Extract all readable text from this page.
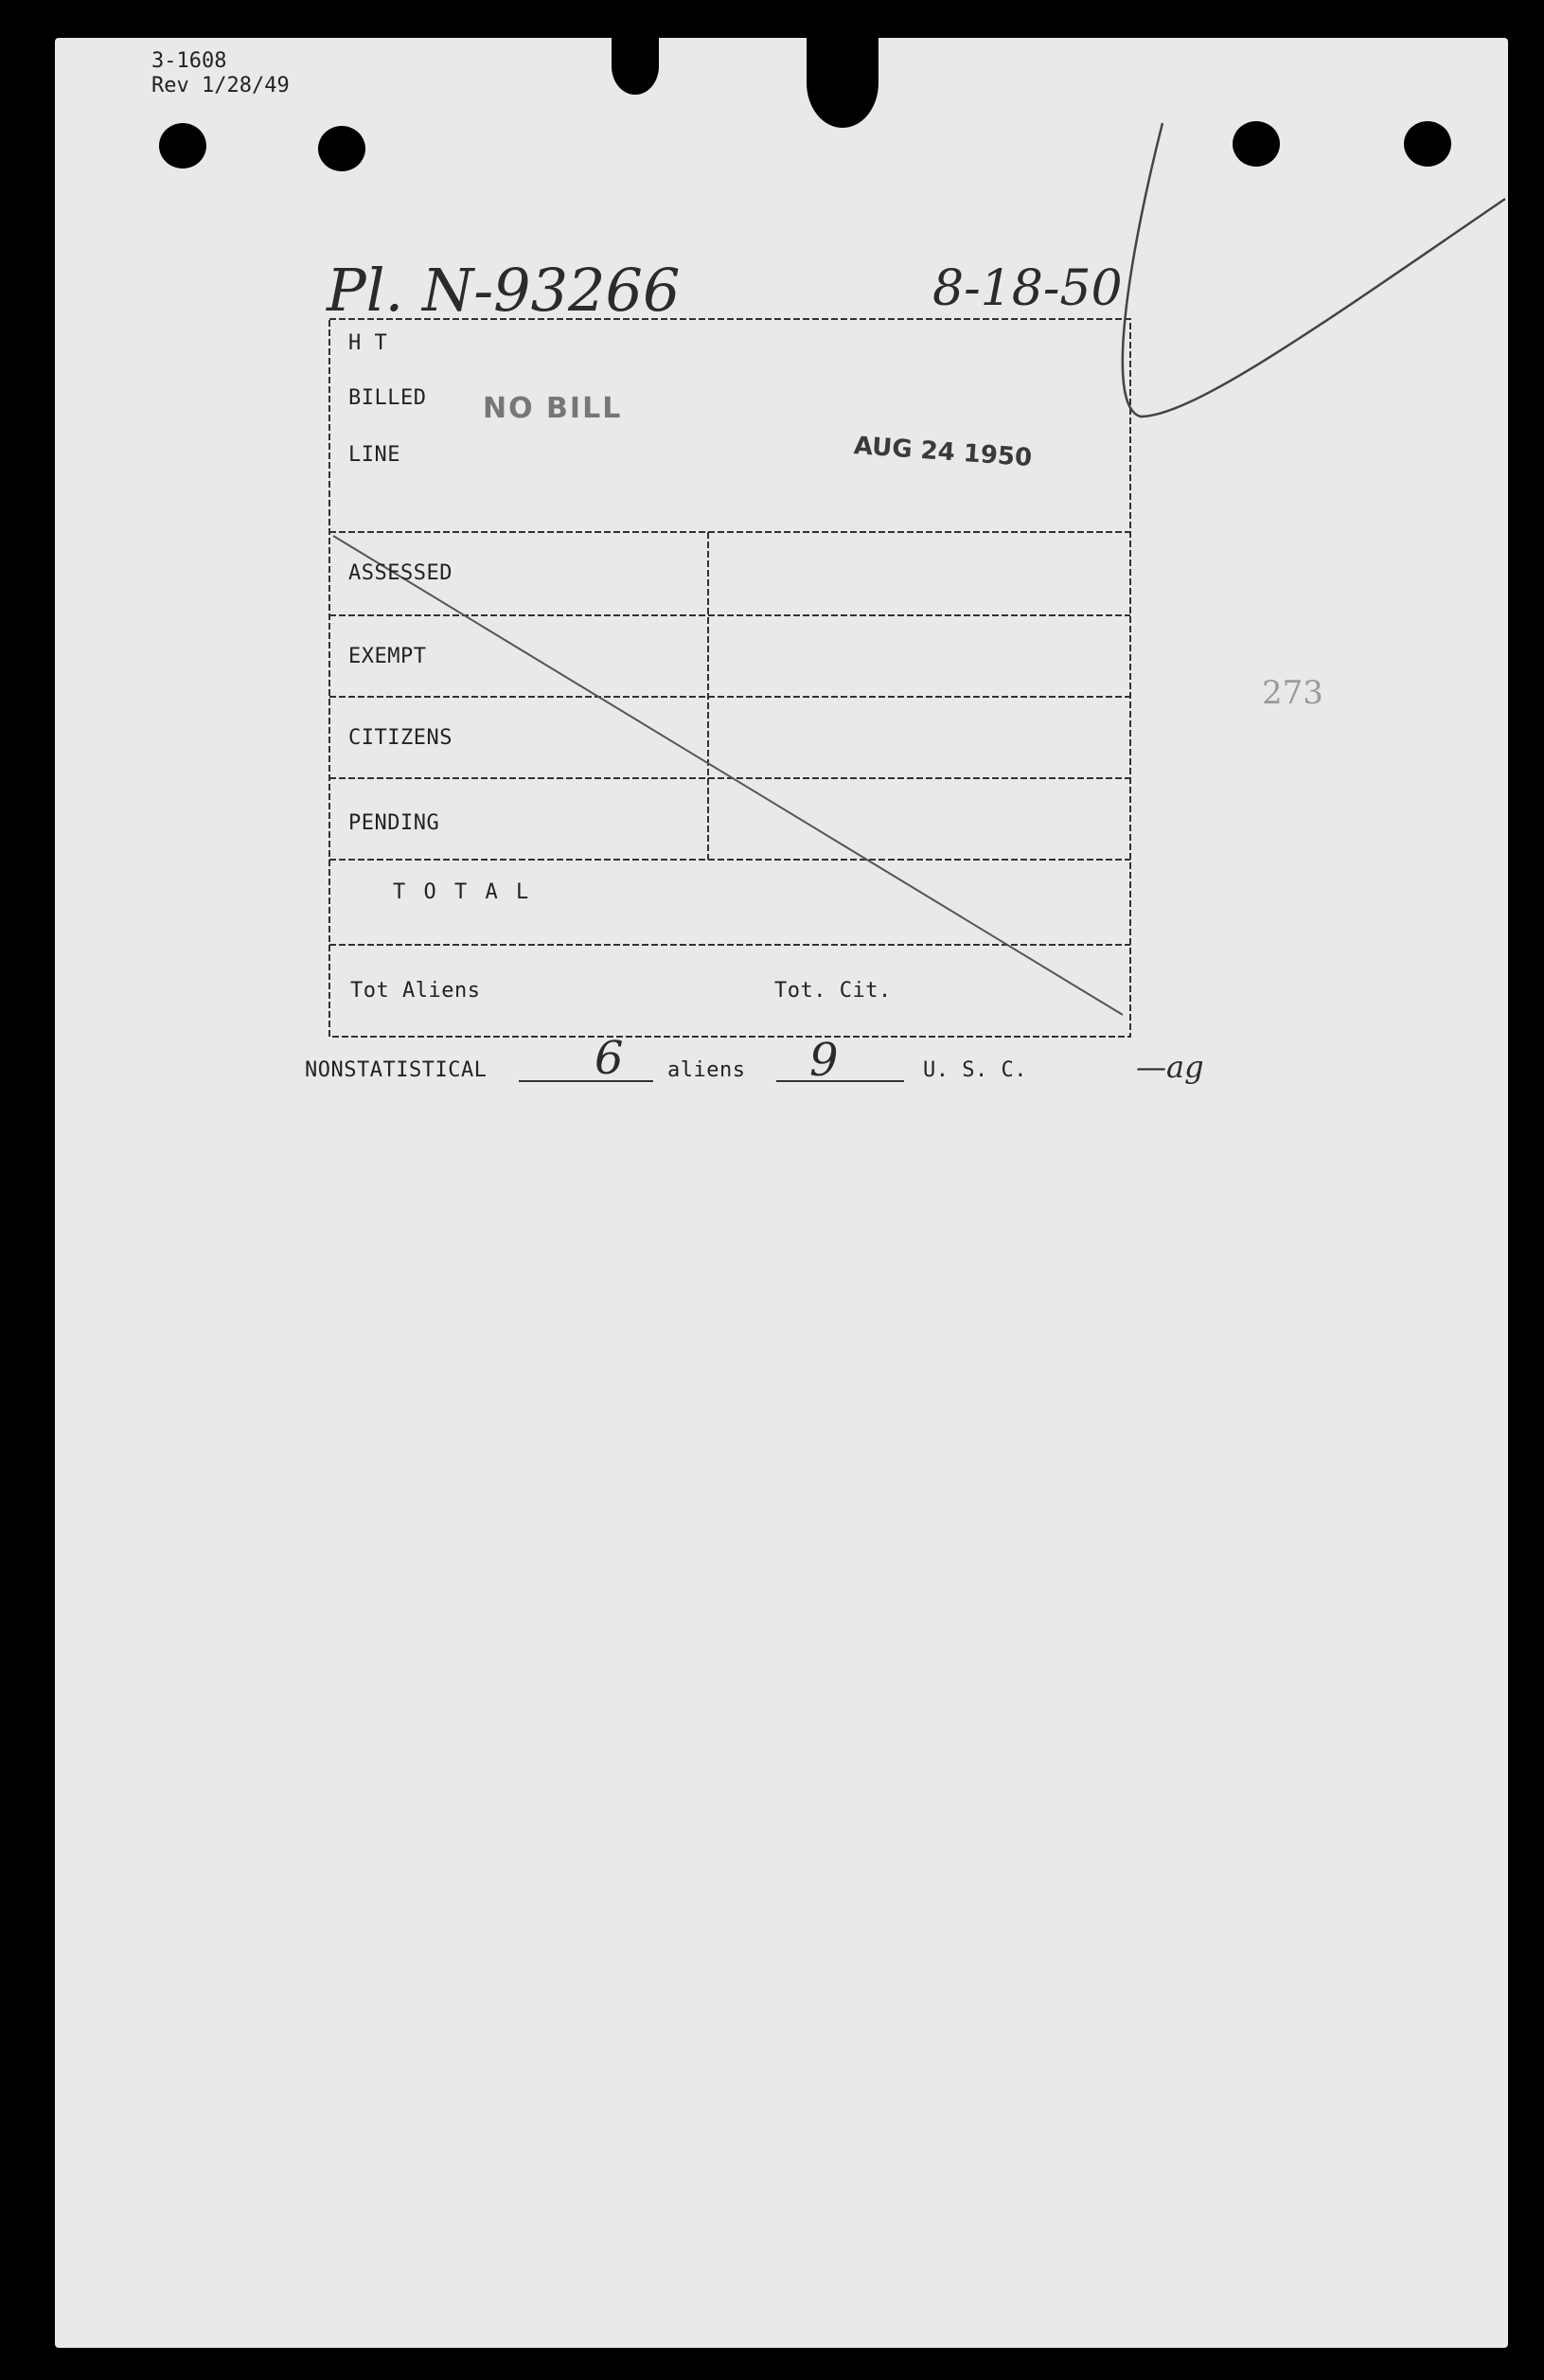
3-1608
Rev 1/28/49
Pl. N-93266	8-18-50
H T
BILLED NO BILL
LINE	AUG 24 1950
ASSESSED
EXEMPT
CITIZENS
PENDING
T O T A L
Tot Aliens	Tot. Cit.
NONSTATISTICAL 6 aliens 9	U. S. C.	—ag
273
